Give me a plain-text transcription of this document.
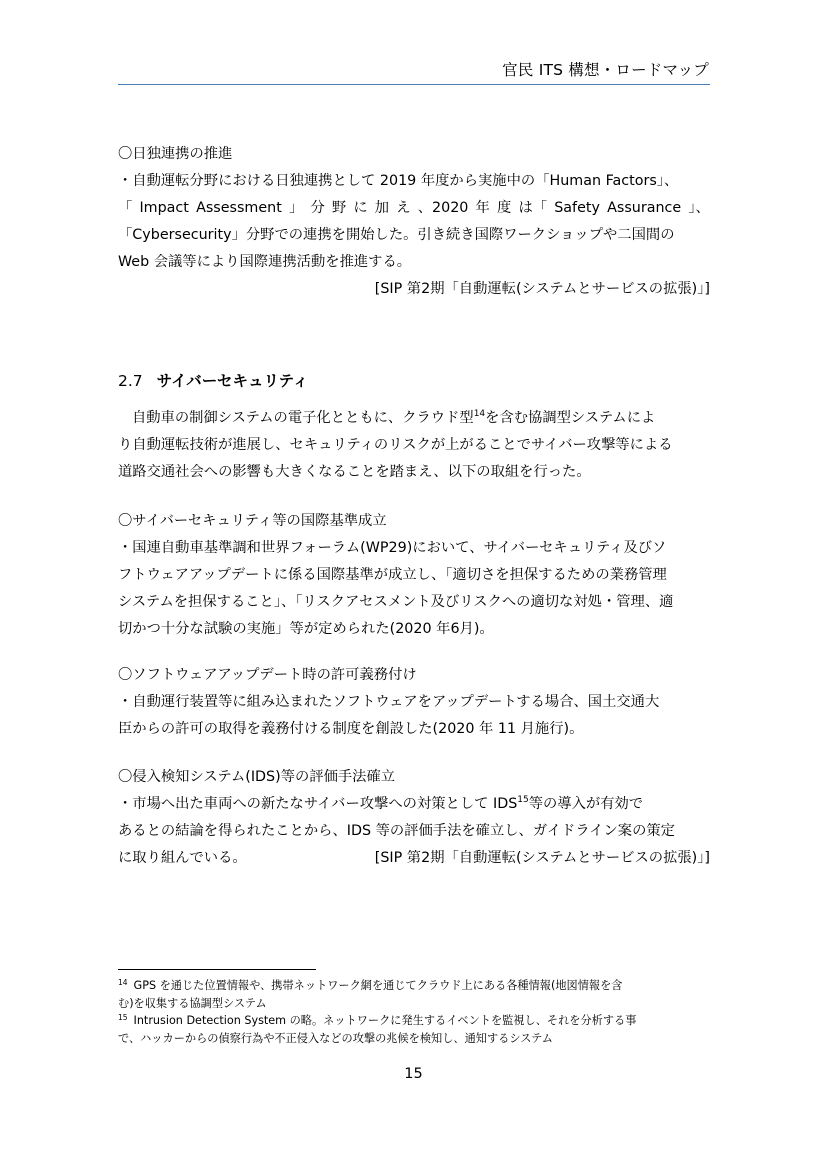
官民 ITS 構想・ロードマップ
〇日独連携の推進
・自動運転分野における日独連携として 2019 年度から実施中の「Human Factors」、
「 Impact Assessment 」 分 野 に 加 え 、2020 年 度 は「 Safety Assurance 」、
「Cybersecurity」分野での連携を開始した。引き続き国際ワークショップや二国間の
Web 会議等により国際連携活動を推進する。
[SIP 第2期「自動運転(システムとサービスの拡張)」]
2.7 サイバーセキュリティ
自動車の制御システムの電子化とともに、クラウド型$^{14}$を含む協調型システムによ
り自動運転技術が進展し、セキュリティのリスクが上がることでサイバー攻撃等による
道路交通社会への影響も大きくなることを踏まえ、以下の取組を行った。
〇サイバーセキュリティ等の国際基準成立
・国連自動車基準調和世界フォーラム(WP29)において、サイバーセキュリティ及びソ
フトウェアアップデートに係る国際基準が成立し、「適切さを担保するための業務管理
システムを担保すること」、「リスクアセスメント及びリスクへの適切な対処・管理、適
切かつ十分な試験の実施」等が定められた(2020 年6月)。
〇ソフトウェアアップデート時の許可義務付け
・自動運行装置等に組み込まれたソフトウェアをアップデートする場合、国土交通大
臣からの許可の取得を義務付ける制度を創設した(2020 年 11 月施行)。
〇侵入検知システム(IDS)等の評価手法確立
・市場へ出た車両への新たなサイバー攻撃への対策として IDS$^{15}$等の導入が有効で
あるとの結論を得られたことから、IDS 等の評価手法を確立し、ガイドライン案の策定
に取り組んでいる。	[SIP 第2期「自動運転(システムとサービスの拡張)」]
$^{14}$ GPS を通じた位置情報や、携帯ネットワーク網を通じてクラウド上にある各種情報(地図情報を含
む)を収集する協調型システム
$^{15}$ Intrusion Detection System の略。ネットワークに発生するイベントを監視し、それを分析する事
で、ハッカーからの偵察行為や不正侵入などの攻撃の兆候を検知し、通知するシステム
15
